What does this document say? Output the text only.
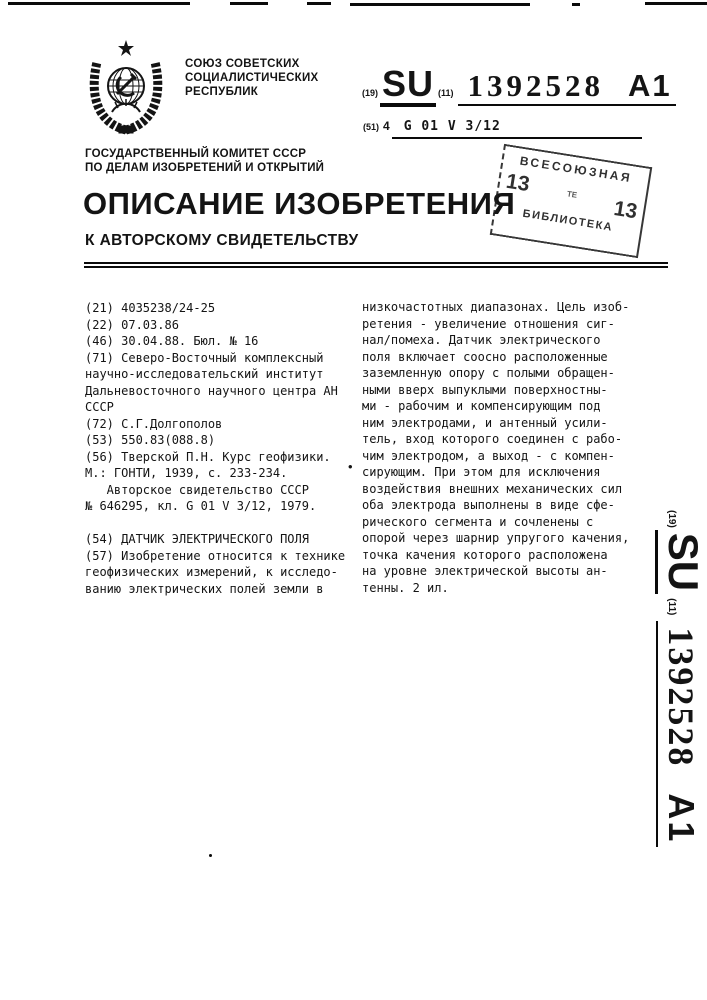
СОЮЗ СОВЕТСКИХ
СОЦИАЛИСТИЧЕСКИХ
РЕСПУБЛИК	(19) SU (11) 1392528 A1
(51) 4	G 01 V 3/12
ГОСУДАРСТВЕННЫЙ КОМИТЕТ СССР
ПО ДЕЛАМ ИЗОБРЕТЕНИЙ И ОТКРЫТИЙ
ОПИСАНИЕ ИЗОБРЕТЕНИЯ
К АВТОРСКОМУ СВИДЕТЕЛЬСТВУ
ВСЕСОЮЗНАЯ
13	ТЕ
13
БИБЛИОТЕКА
(21) 4035238/24-25
(22) 07.03.86
(46) 30.04.88. Бюл. № 16
(71) Северо-Восточный комплексный
научно-исследовательский институт
Дальневосточного научного центра АН
СССР
(72) С.Г.Долгополов
(53) 550.83(088.8)
(56) Тверской П.Н. Курс геофизики.
М.: ГОНТИ, 1939, с. 233-234.
Авторское свидетельство СССР
№ 646295, кл. G 01 V 3/12, 1979.

(54) ДАТЧИК ЭЛЕКТРИЧЕСКОГО ПОЛЯ
(57) Изобретение относится к технике
геофизических измерений, к исследо-
ванию электрических полей земли в
низкочастотных диапазонах. Цель изоб-
ретения - увеличение отношения сиг-
нал/помеха. Датчик электрического
поля включает соосно расположенные
заземленную опору с полыми обращен-
ными вверх выпуклыми поверхностны-
ми - рабочим и компенсирующим под
ним электродами, и антенный усили-
тель, вход которого соединен с рабо-
чим электродом, а выход - с компен-
сирующим. При этом для исключения
воздействия внешних механических сил
оба электрода выполнены в виде сфе-
рического сегмента и сочленены с
опорой через шарнир упругого качения,
точка качения которого расположена
на уровне электрической высоты ан-
тенны. 2 ил.
•
(19)
SU
(11)
1392528
A1
